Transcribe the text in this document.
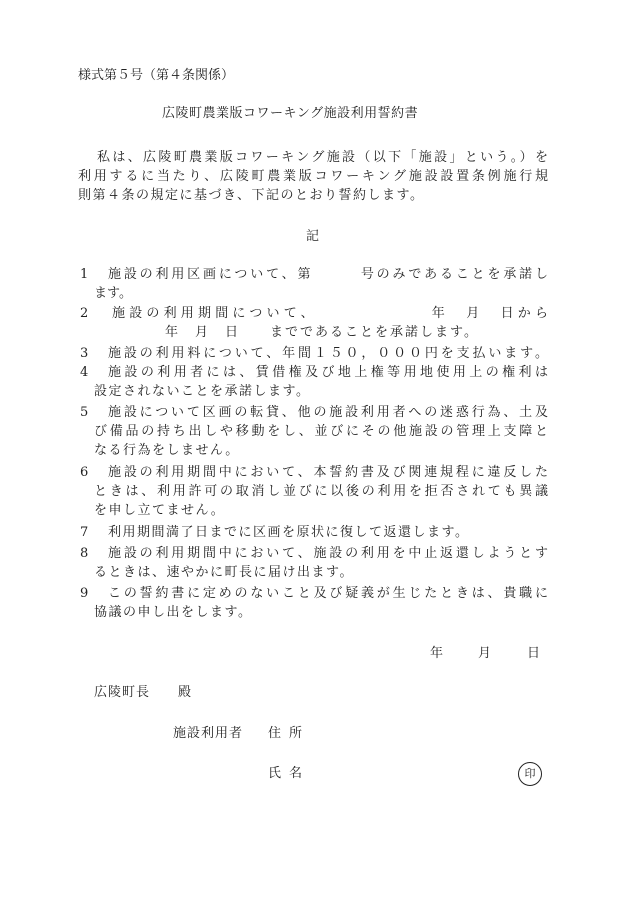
様式第５号（第４条関係）
広陵町農業版コワーキング施設利用誓約書
私は、広陵町農業版コワーキング施設（以下「施設」という。）を
利用するに当たり、広陵町農業版コワーキング施設設置条例施行規
則第４条の規定に基づき、下記のとおり誓約します。
記
1 施設の利用区画について、第　　　号のみであることを承諾し
ます。
2 施設の利用期間について、　　　　　　　年　月　日から
年　月　日　　までであることを承諾します。
3 施設の利用料について、年間１５０，０００円を支払います。
4 施設の利用者には、賃借権及び地上権等用地使用上の権利は
設定されないことを承諾します。
5 施設について区画の転貸、他の施設利用者への迷惑行為、土及
び備品の持ち出しや移動をし、並びにその他施設の管理上支障と
なる行為をしません。
6 施設の利用期間中において、本誓約書及び関連規程に違反した
ときは、利用許可の取消し並びに以後の利用を拒否されても異議
を申し立てません。
7 利用期間満了日までに区画を原状に復して返還します。
8 施設の利用期間中において、施設の利用を中止返還しようとす
るときは、速やかに町長に届け出ます。
9 この誓約書に定めのないこと及び疑義が生じたときは、貴職に
協議の申し出をします。
年	月	日
広陵町長　　殿
施設利用者 住所
氏名	印
